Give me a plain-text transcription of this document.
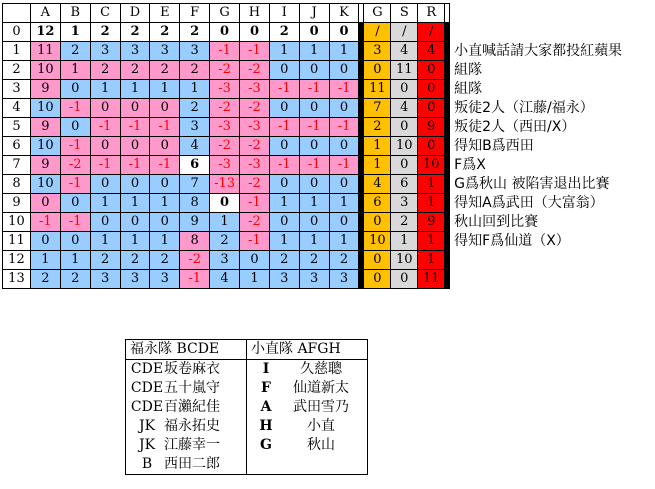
	A	B	C	D	E	F	G	H	I	J	K		G	S	R		
0	12	1	2	2	2	2	0	0	2	0	0		/	/	/		
1	11	2	3	3	3	3	-1	-1	1	1	1		3	4	4		小直喊話請大家都投紅蘋果
2	10	1	2	2	2	2	-2	-2	0	0	0		0	11	0		組隊
3	9	0	1	1	1	1	-3	-3	-1	-1	-1		11	0	0		組隊
4	10	-1	0	0	0	2	-2	-2	0	0	0		7	4	0		叛徒2人（江藤/福永）
5	9	0	-1	-1	-1	3	-3	-3	-1	-1	-1		2	0	9		叛徒2人（西田/X）
6	10	-1	0	0	0	4	-2	-2	0	0	0		1	10	0		得知B爲西田
7	9	-2	-1	-1	-1	6	-3	-3	-1	-1	-1		1	0	10		F爲X
8	10	-1	0	0	0	7	-13	-2	0	0	0		4	6	1		G爲秋山 被陷害退出比賽
9	0	0	1	1	1	8	0	-1	1	1	1		6	3	1		得知A爲武田（大富翁）
10	-1	-1	0	0	0	9	1	-2	0	0	0		0	2	9		秋山回到比賽
11	0	0	1	1	1	8	2	-1	1	1	1		10	1	1		得知F爲仙道（X）
12	1	1	2	2	2	-2	3	0	2	2	2		0	10	1		
13	2	2	3	3	3	-1	4	1	3	3	3		0	0	11		
福永隊 BCDE	小直隊 AFGH
CDE坂卷麻衣	I 久慈聰
CDE五十嵐守	F 仙道新太
CDE百瀨紀佳	A 武田雪乃
JK 福永拓史	H 小直
JK 江藤幸一	G 秋山
B 西田二郎	
